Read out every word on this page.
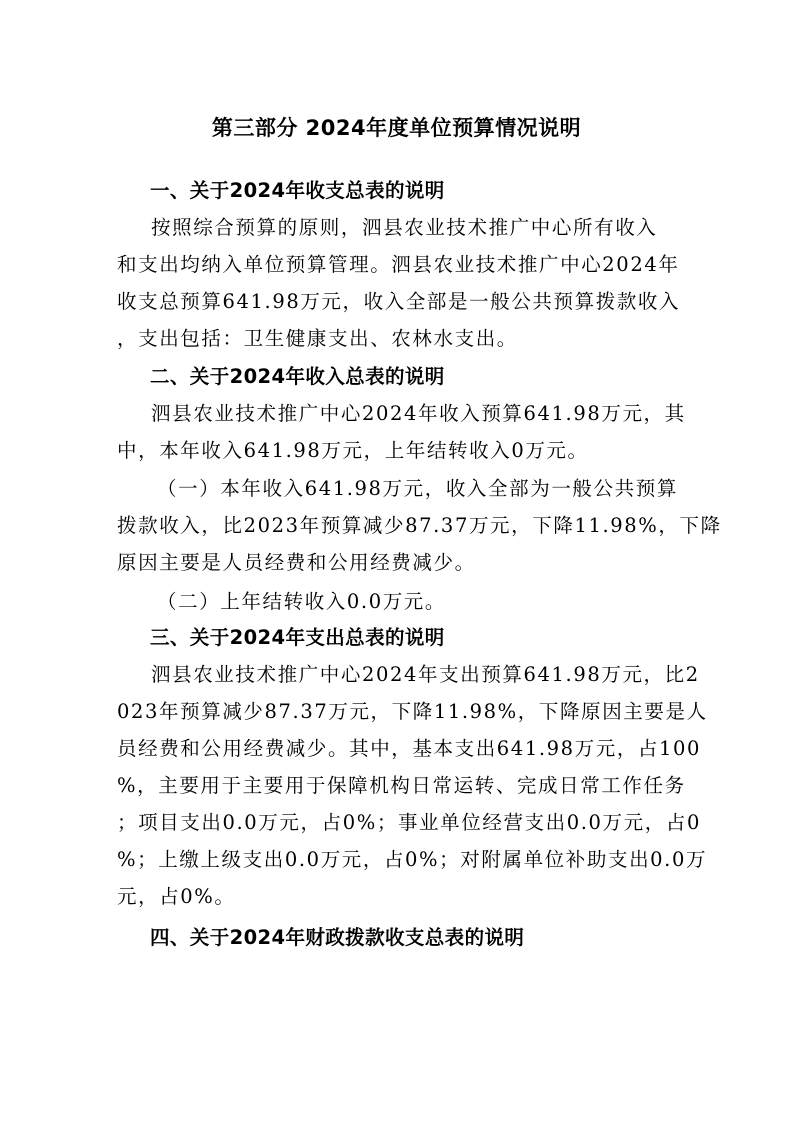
第三部分 2024年度单位预算情况说明
一、关于2024年收支总表的说明

按照综合预算的原则，泗县农业技术推广中心所有收入
和支出均纳入单位预算管理。泗县农业技术推广中心2024年
收支总预算641.98万元，收入全部是一般公共预算拨款收入
，支出包括：卫生健康支出、农林水支出。

二、关于2024年收入总表的说明

泗县农业技术推广中心2024年收入预算641.98万元，其
中，本年收入641.98万元，上年结转收入0万元。

（一）本年收入641.98万元，收入全部为一般公共预算
拨款收入，比2023年预算减少87.37万元，下降11.98%，下降
原因主要是人员经费和公用经费减少。

（二）上年结转收入0.0万元。

三、关于2024年支出总表的说明

泗县农业技术推广中心2024年支出预算641.98万元，比2
023年预算减少87.37万元，下降11.98%，下降原因主要是人
员经费和公用经费减少。其中，基本支出641.98万元，占100
%，主要用于主要用于保障机构日常运转、完成日常工作任务
；项目支出0.0万元，占0%；事业单位经营支出0.0万元，占0
%；上缴上级支出0.0万元，占0%；对附属单位补助支出0.0万
元，占0%。

四、关于2024年财政拨款收支总表的说明
